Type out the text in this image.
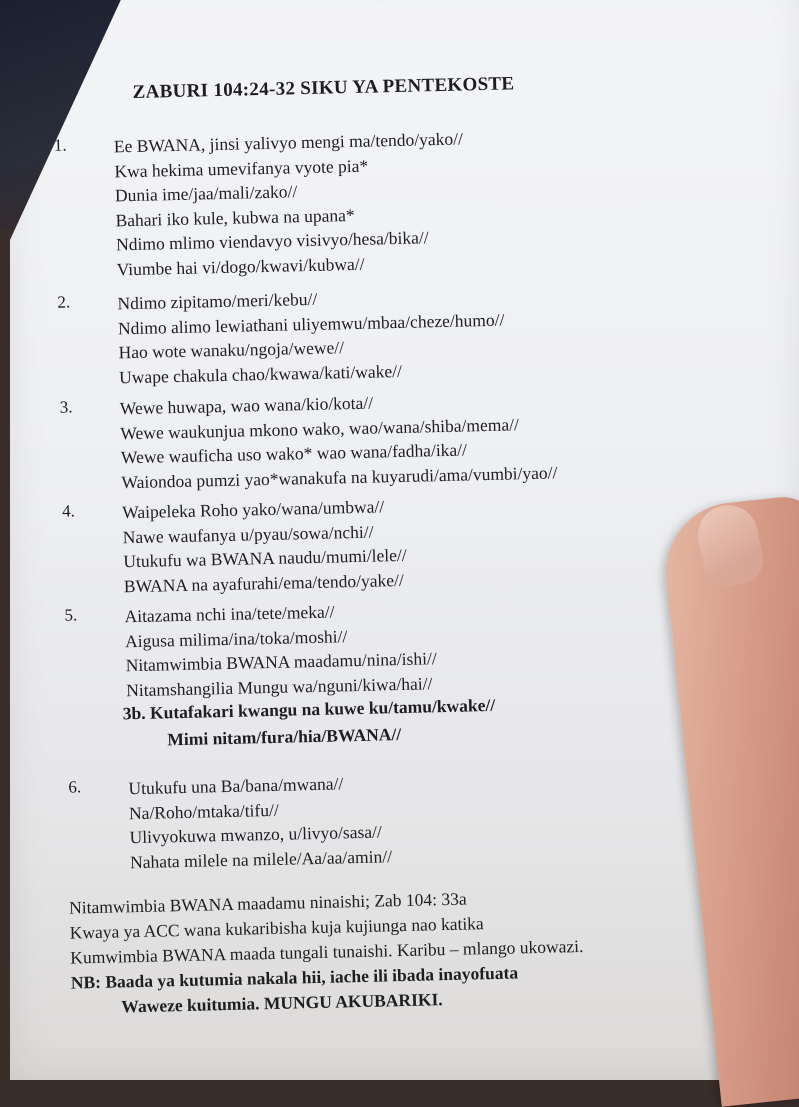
ZABURI 104:24-32 SIKU YA PENTEKOSTE
1.	Ee BWANA, jinsi yalivyo mengi ma/tendo/yako//
Kwa hekima umevifanya vyote pia*
Dunia ime/jaa/mali/zako//
Bahari iko kule, kubwa na upana*
Ndimo mlimo viendavyo visivyo/hesa/bika//
Viumbe hai vi/dogo/kwavi/kubwa//
2.	Ndimo zipitamo/meri/kebu//
Ndimo alimo lewiathani uliyemwu/mbaa/cheze/humo//
Hao wote wanaku/ngoja/wewe//
Uwape chakula chao/kwawa/kati/wake//
3.	Wewe huwapa, wao wana/kio/kota//
Wewe waukunjua mkono wako, wao/wana/shiba/mema//
Wewe wauficha uso wako* wao wana/fadha/ika//
Waiondoa pumzi yao*wanakufa na kuyarudi/ama/vumbi/yao//
4.	Waipeleka Roho yako/wana/umbwa//
Nawe waufanya u/pyau/sowa/nchi//
Utukufu wa BWANA naudu/mumi/lele//
BWANA na ayafurahi/ema/tendo/yake//
5.	Aitazama nchi ina/tete/meka//
Aigusa milima/ina/toka/moshi//
Nitamwimbia BWANA maadamu/nina/ishi//
Nitamshangilia Mungu wa/nguni/kiwa/hai//
3b. Kutafakari kwangu na kuwe ku/tamu/kwake//
Mimi nitam/fura/hia/BWANA//
6.	Utukufu una Ba/bana/mwana//
Na/Roho/mtaka/tifu//
Ulivyokuwa mwanzo, u/livyo/sasa//
Nahata milele na milele/Aa/aa/amin//
Nitamwimbia BWANA maadamu ninaishi; Zab 104: 33a
Kwaya ya ACC wana kukaribisha kuja kujiunga nao katika
Kumwimbia BWANA maada tungali tunaishi. Karibu – mlango ukowazi.
NB: Baada ya kutumia nakala hii, iache ili ibada inayofuata
Waweze kuitumia. MUNGU AKUBARIKI.
